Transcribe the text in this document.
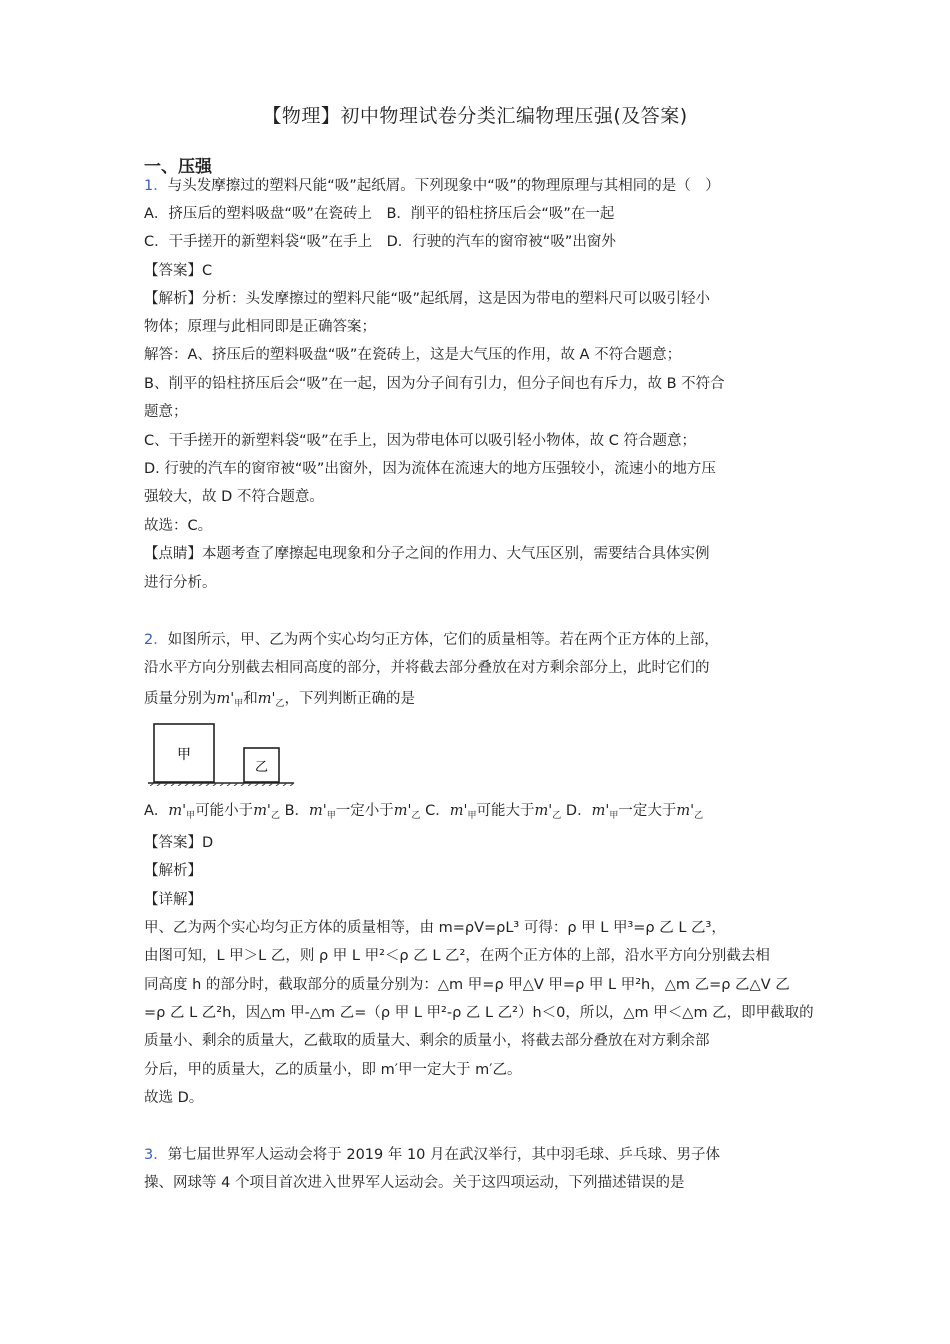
【物理】初中物理试卷分类汇编物理压强(及答案)
一、压强
1．与头发摩擦过的塑料尺能“吸”起纸屑。下列现象中“吸”的物理原理与其相同的是（　）
A．挤压后的塑料吸盘“吸”在瓷砖上　B．削平的铅柱挤压后会“吸”在一起
C．干手搓开的新塑料袋“吸”在手上　D．行驶的汽车的窗帘被“吸”出窗外
【答案】C
【解析】分析：头发摩擦过的塑料尺能“吸”起纸屑，这是因为带电的塑料尺可以吸引轻小
物体；原理与此相同即是正确答案；
解答：A、挤压后的塑料吸盘“吸”在瓷砖上，这是大气压的作用，故 A 不符合题意；
B、削平的铅柱挤压后会“吸”在一起，因为分子间有引力，但分子间也有斥力，故 B 不符合
题意；
C、干手搓开的新塑料袋“吸”在手上，因为带电体可以吸引轻小物体，故 C 符合题意；
D. 行驶的汽车的窗帘被“吸”出窗外，因为流体在流速大的地方压强较小，流速小的地方压
强较大，故 D 不符合题意。
故选：C。
【点睛】本题考查了摩擦起电现象和分子之间的作用力、大气压区别，需要结合具体实例
进行分析。
2．如图所示，甲、乙为两个实心均匀正方体，它们的质量相等。若在两个正方体的上部，
沿水平方向分别截去相同高度的部分，并将截去部分叠放在对方剩余部分上，此时它们的
质量分别为$m'_甲$和$m'_乙$，下列判断正确的是
甲
乙
A．$m'_甲$可能小于$m'_乙$ B．$m'_甲$一定小于$m'_乙$ C．$m'_甲$可能大于$m'_乙$ D．$m'_甲$一定大于$m'_乙$
【答案】D
【解析】
【详解】
甲、乙为两个实心均匀正方体的质量相等，由 m=ρV=ρL³ 可得：ρ 甲 L 甲³=ρ 乙 L 乙³，
由图可知，L 甲＞L 乙，则 ρ 甲 L 甲²＜ρ 乙 L 乙²，在两个正方体的上部，沿水平方向分别截去相
同高度 h 的部分时，截取部分的质量分别为：△m 甲=ρ 甲△V 甲=ρ 甲 L 甲²h，△m 乙=ρ 乙△V 乙
=ρ 乙 L 乙²h，因△m 甲-△m 乙=（ρ 甲 L 甲²-ρ 乙 L 乙²）h＜0，所以，△m 甲＜△m 乙，即甲截取的
质量小、剩余的质量大，乙截取的质量大、剩余的质量小，将截去部分叠放在对方剩余部
分后，甲的质量大，乙的质量小，即 m′甲一定大于 m′乙。
故选 D。
3．第七届世界军人运动会将于 2019 年 10 月在武汉举行，其中羽毛球、乒乓球、男子体
操、网球等 4 个项目首次进入世界军人运动会。关于这四项运动，下列描述错误的是
